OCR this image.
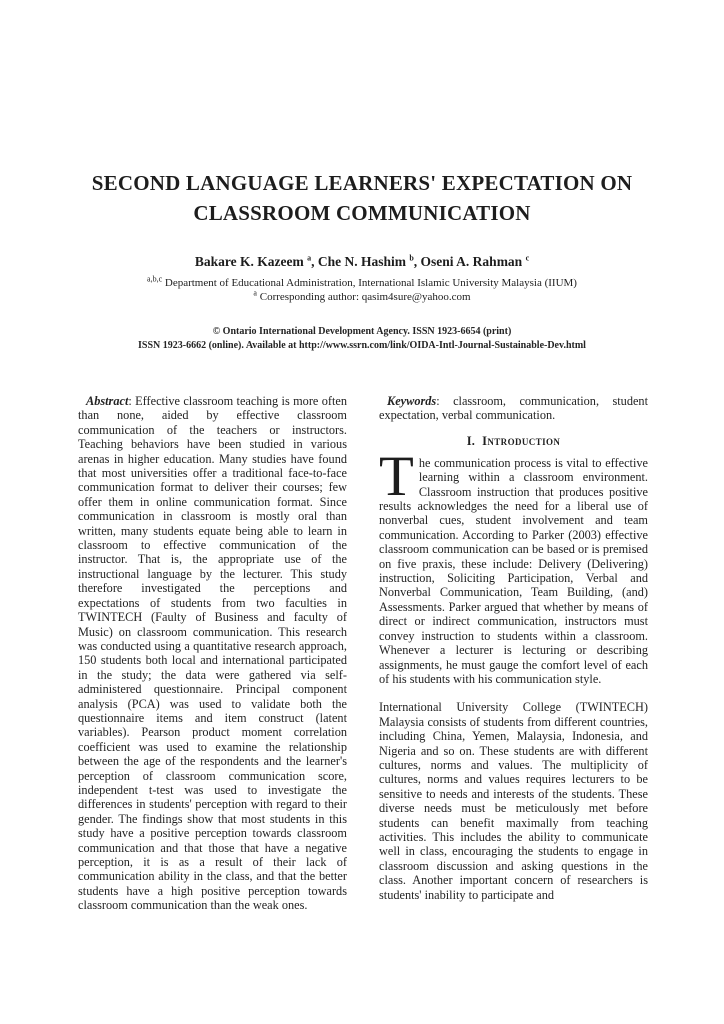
SECOND LANGUAGE LEARNERS' EXPECTATION ON
CLASSROOM COMMUNICATION
Bakare K. Kazeem $^a$, Che N. Hashim $^b$, Oseni A. Rahman $^c$
$^{a,b,c}$ Department of Educational Administration, International Islamic University Malaysia (IIUM)
$^a$ Corresponding author: qasim4sure@yahoo.com
© Ontario International Development Agency. ISSN 1923-6654 (print)
ISSN 1923-6662 (online). Available at http://www.ssrn.com/link/OIDA-Intl-Journal-Sustainable-Dev.html

Abstract: Effective classroom teaching is more often than none, aided by effective classroom communication of the teachers or instructors. Teaching behaviors have been studied in various arenas in higher education. Many studies have found that most universities offer a traditional face-to-face communication format to deliver their courses; few offer them in online communication format. Since communication in classroom is mostly oral than written, many students equate being able to learn in classroom to effective communication of the instructor. That is, the appropriate use of the instructional language by the lecturer. This study therefore investigated the perceptions and expectations of students from two faculties in TWINTECH (Faulty of Business and faculty of Music) on classroom communication. This research was conducted using a quantitative research approach, 150 students both local and international participated in the study; the data were gathered via self-administered questionnaire. Principal component analysis (PCA) was used to validate both the questionnaire items and item construct (latent variables). Pearson product moment correlation coefficient was used to examine the relationship between the age of the respondents and the learner's perception of classroom communication score, independent t-test was used to investigate the differences in students' perception with regard to their gender. The findings show that most students in this study have a positive perception towards classroom communication and that those that have a negative perception, it is as a result of their lack of communication ability in the class, and that the better students have a high positive perception towards classroom communication than the weak ones.

Keywords: classroom, communication, student expectation, verbal communication.

I. Introduction

The communication process is vital to effective learning within a classroom environment. Classroom instruction that produces positive results acknowledges the need for a liberal use of nonverbal cues, student involvement and team communication. According to Parker (2003) effective classroom communication can be based or is premised on five praxis, these include: Delivery (Delivering) instruction, Soliciting Participation, Verbal and Nonverbal Communication, Team Building, (and) Assessments. Parker argued that whether by means of direct or indirect communication, instructors must convey instruction to students within a classroom. Whenever a lecturer is lecturing or describing assignments, he must gauge the comfort level of each of his students with his communication style.

International University College (TWINTECH) Malaysia consists of students from different countries, including China, Yemen, Malaysia, Indonesia, and Nigeria and so on. These students are with different cultures, norms and values. The multiplicity of cultures, norms and values requires lecturers to be sensitive to needs and interests of the students. These diverse needs must be meticulously met before students can benefit maximally from teaching activities. This includes the ability to communicate well in class, encouraging the students to engage in classroom discussion and asking questions in the class. Another important concern of researchers is students' inability to participate and
